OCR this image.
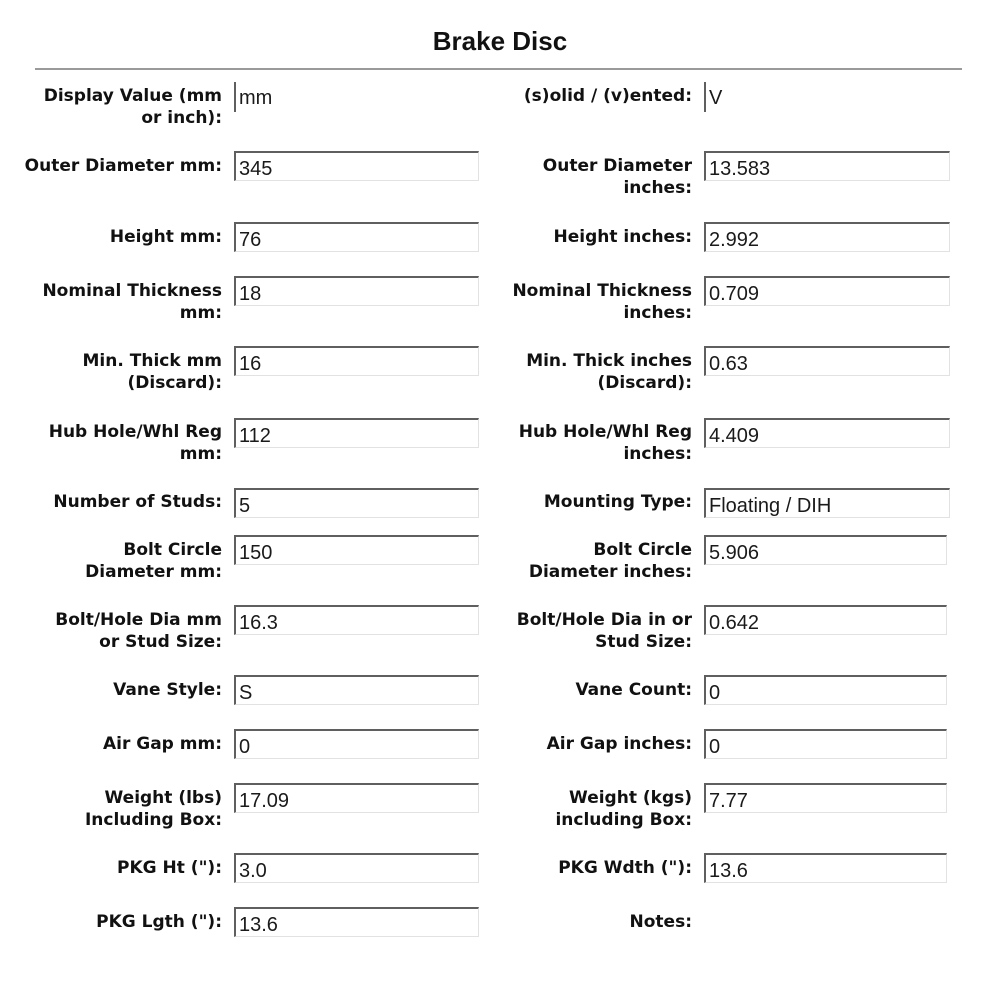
Brake Disc
Display Value (mm
or inch):
mm	(s)olid / (v)ented: V
Outer Diameter mm: 345	Outer Diameter
inches:
13.583
Height mm: 76	Height inches: 2.992
Nominal Thickness
mm:
18	Nominal Thickness
inches:
0.709
Min. Thick mm
(Discard):
16	Min. Thick inches
(Discard):
0.63
Hub Hole/Whl Reg
mm:
112	Hub Hole/Whl Reg
inches:
4.409
Number of Studs: 5	Mounting Type: Floating / DIH
Bolt Circle
Diameter mm:
150	Bolt Circle
Diameter inches:
5.906
Bolt/Hole Dia mm
or Stud Size:
16.3	Bolt/Hole Dia in or
Stud Size:
0.642
Vane Style: S	Vane Count: 0
Air Gap mm: 0	Air Gap inches: 0
Weight (lbs)
Including Box:
17.09	Weight (kgs)
including Box:
7.77
PKG Ht ("): 3.0	PKG Wdth ("): 13.6
PKG Lgth ("): 13.6	Notes:
